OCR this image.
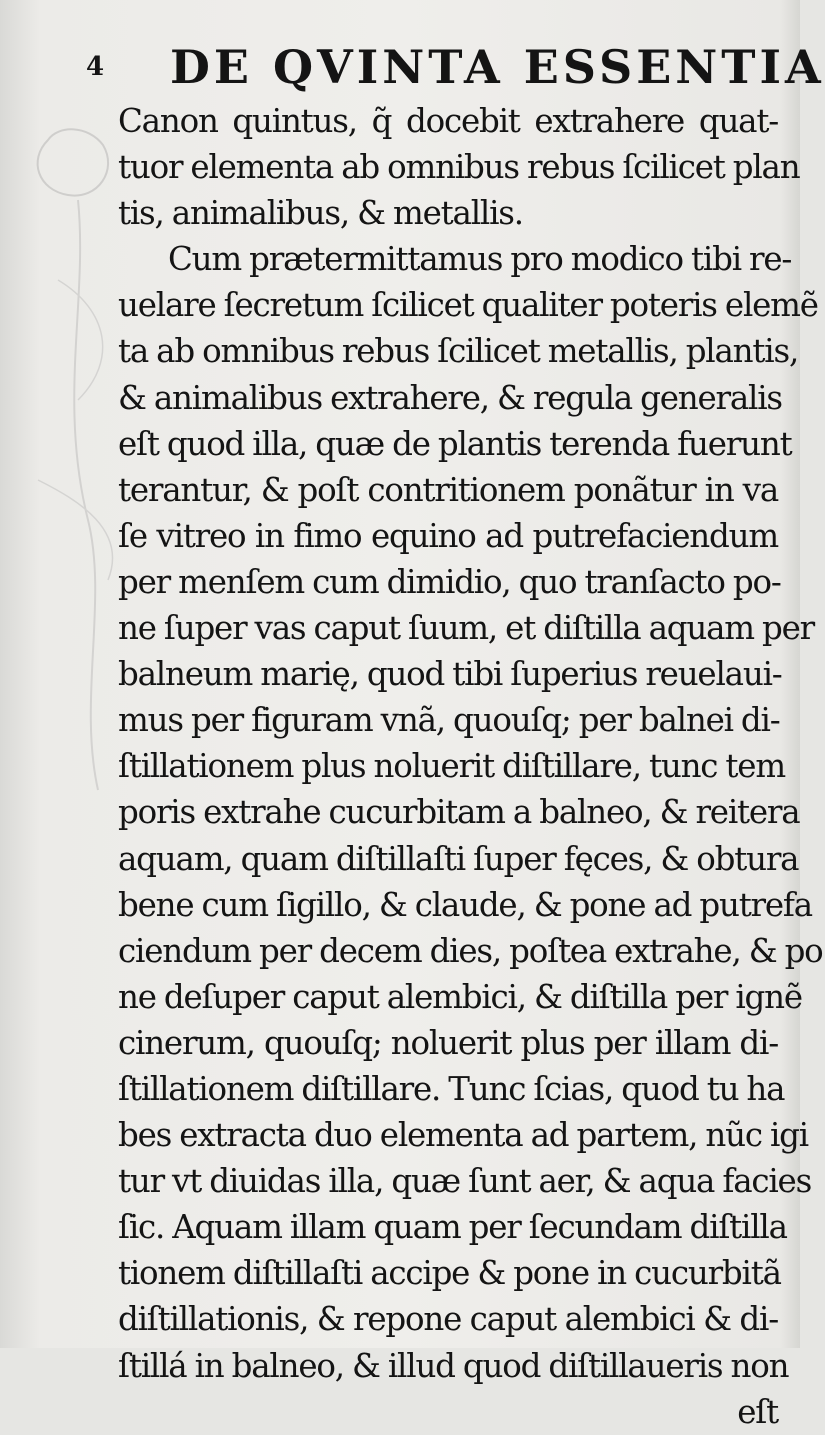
4 DE QVINTA ESSENTIA
Canon quintus, q̃ docebit extrahere quat-
tuor elementa ab omnibus rebus ſcilicet plan
tis, animalibus, & metallis.
Cum prætermittamus pro modico tibi re-
uelare ſecretum ſcilicet qualiter poteris elemẽ
ta ab omnibus rebus ſcilicet metallis, plantis,
& animalibus extrahere, & regula generalis
eſt quod illa, quæ de plantis terenda fuerunt
terantur, & poſt contritionem ponãtur in va
ſe vitreo in fimo equino ad putrefaciendum
per menſem cum dimidio, quo tranſacto po-
ne ſuper vas caput ſuum, et diſtilla aquam per
balneum marię, quod tibi ſuperius reuelaui-
mus per figuram vnã, quouſq; per balnei di-
ſtillationem plus noluerit diſtillare, tunc tem
poris extrahe cucurbitam a balneo, & reitera
aquam, quam diſtillaſti ſuper fęces, & obtura
bene cum ſigillo, & claude, & pone ad putrefa
ciendum per decem dies, poſtea extrahe, & po
ne deſuper caput alembici, & diſtilla per ignẽ
cinerum, quouſq; noluerit plus per illam di-
ſtillationem diſtillare. Tunc ſcias, quod tu ha
bes extracta duo elementa ad partem, nũc igi
tur vt diuidas illa, quæ ſunt aer, & aqua facies
ſic. Aquam illam quam per ſecundam diſtilla
tionem diſtillaſti accipe & pone in cucurbitã
diſtillationis, & repone caput alembici & di-
ſtillá in balneo, & illud quod diſtillaueris non
eſt
